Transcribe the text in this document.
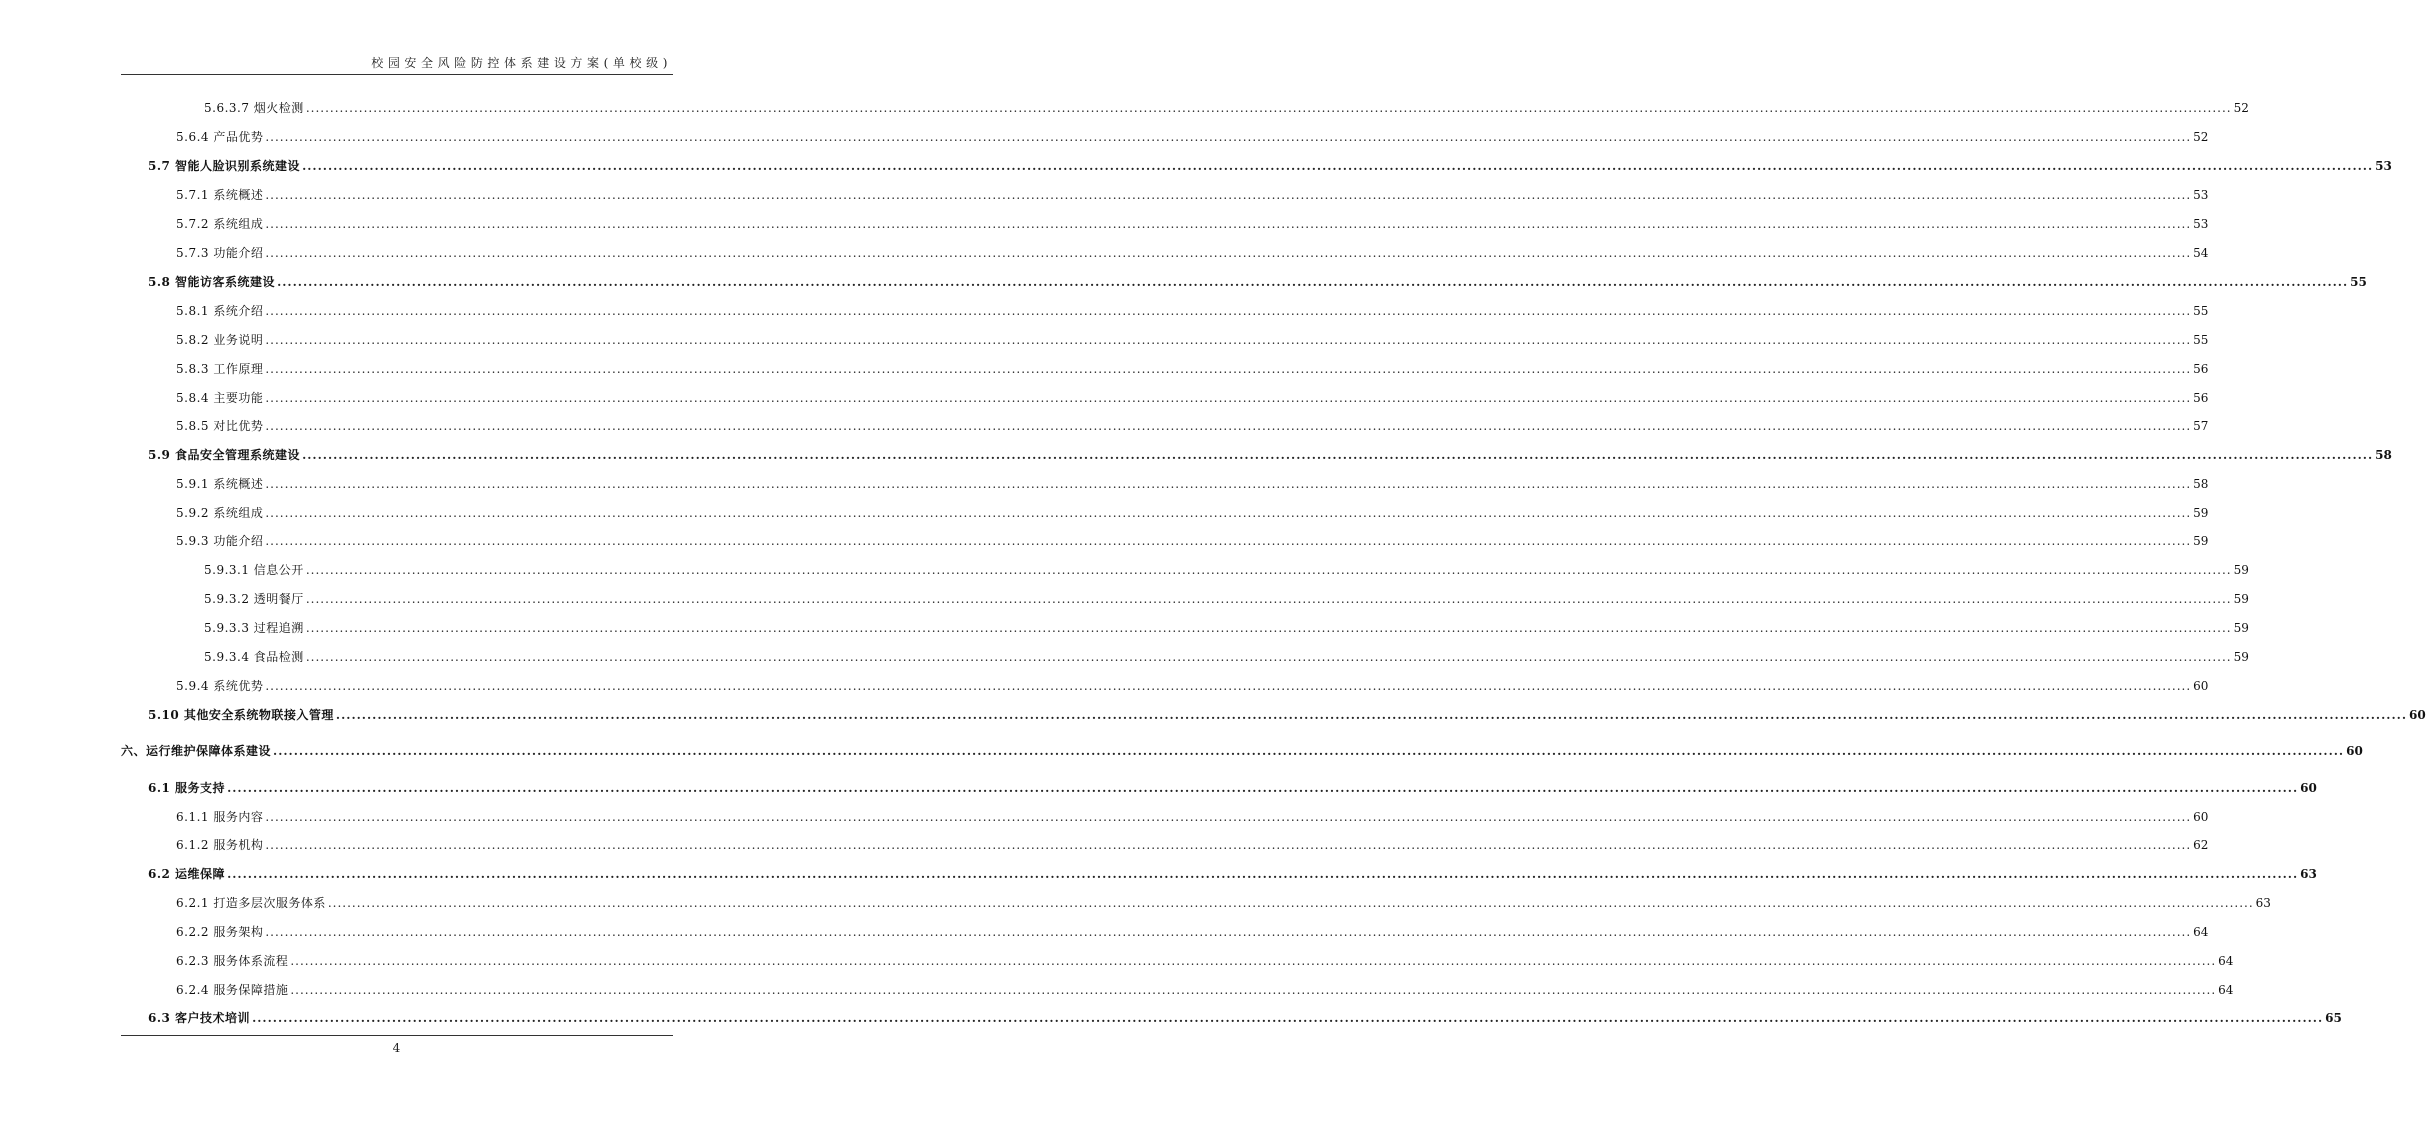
校园安全风险防控体系建设方案(单校级)
5.6.3.7 烟火检测 ................................................................................................................................................................................................................................................................................................................................................................................................................ 52
5.6.4 产品优势 ................................................................................................................................................................................................................................................................................................................................................................................................................ 52
5.7 智能人脸识别系统建设 ................................................................................................................................................................................................................................................................................................................................................................................................................ 53
5.7.1 系统概述 ................................................................................................................................................................................................................................................................................................................................................................................................................ 53
5.7.2 系统组成 ................................................................................................................................................................................................................................................................................................................................................................................................................ 53
5.7.3 功能介绍 ................................................................................................................................................................................................................................................................................................................................................................................................................ 54
5.8 智能访客系统建设 ................................................................................................................................................................................................................................................................................................................................................................................................................ 55
5.8.1 系统介绍 ................................................................................................................................................................................................................................................................................................................................................................................................................ 55
5.8.2 业务说明 ................................................................................................................................................................................................................................................................................................................................................................................................................ 55
5.8.3 工作原理 ................................................................................................................................................................................................................................................................................................................................................................................................................ 56
5.8.4 主要功能 ................................................................................................................................................................................................................................................................................................................................................................................................................ 56
5.8.5 对比优势 ................................................................................................................................................................................................................................................................................................................................................................................................................ 57
5.9 食品安全管理系统建设 ................................................................................................................................................................................................................................................................................................................................................................................................................ 58
5.9.1 系统概述 ................................................................................................................................................................................................................................................................................................................................................................................................................ 58
5.9.2 系统组成 ................................................................................................................................................................................................................................................................................................................................................................................................................ 59
5.9.3 功能介绍 ................................................................................................................................................................................................................................................................................................................................................................................................................ 59
5.9.3.1 信息公开 ................................................................................................................................................................................................................................................................................................................................................................................................................ 59
5.9.3.2 透明餐厅 ................................................................................................................................................................................................................................................................................................................................................................................................................ 59
5.9.3.3 过程追溯 ................................................................................................................................................................................................................................................................................................................................................................................................................ 59
5.9.3.4 食品检测 ................................................................................................................................................................................................................................................................................................................................................................................................................ 59
5.9.4 系统优势 ................................................................................................................................................................................................................................................................................................................................................................................................................ 60
5.10 其他安全系统物联接入管理 ................................................................................................................................................................................................................................................................................................................................................................................................................ 60
六、运行维护保障体系建设 ................................................................................................................................................................................................................................................................................................................................................................................................................ 60
6.1 服务支持 ................................................................................................................................................................................................................................................................................................................................................................................................................ 60
6.1.1 服务内容 ................................................................................................................................................................................................................................................................................................................................................................................................................ 60
6.1.2 服务机构 ................................................................................................................................................................................................................................................................................................................................................................................................................ 62
6.2 运维保障 ................................................................................................................................................................................................................................................................................................................................................................................................................ 63
6.2.1 打造多层次服务体系 ................................................................................................................................................................................................................................................................................................................................................................................................................ 63
6.2.2 服务架构 ................................................................................................................................................................................................................................................................................................................................................................................................................ 64
6.2.3 服务体系流程 ................................................................................................................................................................................................................................................................................................................................................................................................................ 64
6.2.4 服务保障措施 ................................................................................................................................................................................................................................................................................................................................................................................................................ 64
6.3 客户技术培训 ................................................................................................................................................................................................................................................................................................................................................................................................................ 65
4
